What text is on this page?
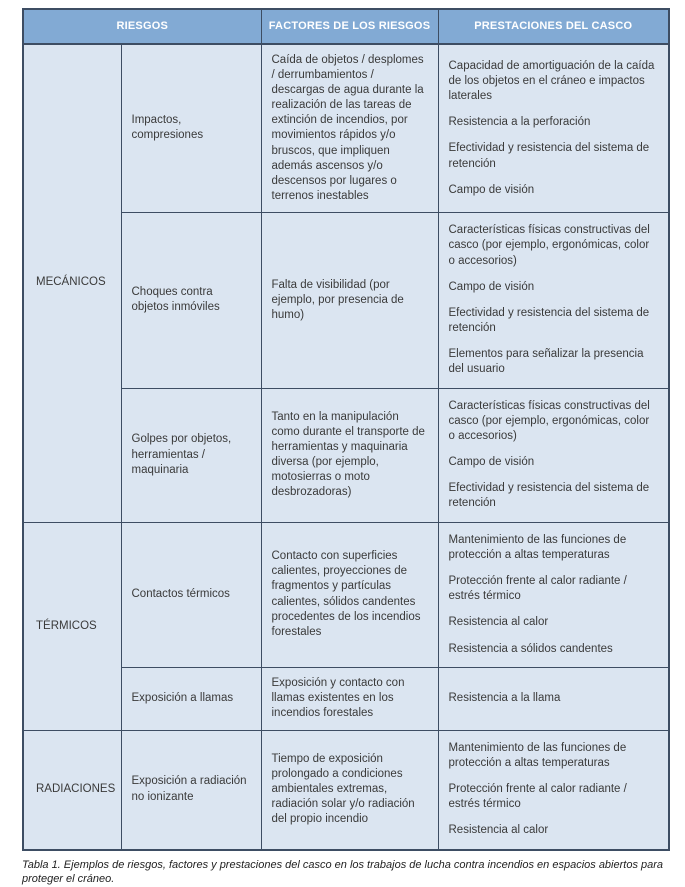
RIESGOS		FACTORES DE LOS RIESGOS	PRESTACIONES DEL CASCO
MECÁNICOS	Impactos, compresiones	Caída de objetos / desplomes / derrumbamientos / descargas de agua durante la realización de las tareas de extinción de incendios, por movimientos rápidos y/o bruscos, que impliquen además ascensos y/o descensos por lugares o terrenos inestables	

Capacidad de amortiguación de la caída de los objetos en el cráneo e impactos laterales

Resistencia a la perforación

Efectividad y resistencia del sistema de retención

Campo de visión

	Choques contra objetos inmóviles	Falta de visibilidad (por ejemplo, por presencia de humo)	Características físicas constructivas del casco (por ejemplo, ergonómicas, color o accesorios)

Campo de visión

Efectividad y resistencia del sistema de retención

Elementos para señalizar la presencia del usuario

	Golpes por objetos, herramientas / maquinaria	Tanto en la manipulación como durante el transporte de herramientas y maquinaria diversa (por ejemplo, motosierras o moto desbrozadoras)	Características físicas constructivas del casco (por ejemplo, ergonómicas, color o accesorios)

Campo de visión

Efectividad y resistencia del sistema de retención

TÉRMICOS	Contactos térmicos	Contacto con superficies calientes, proyecciones de fragmentos y partículas calientes, sólidos candentes procedentes de los incendios forestales	Mantenimiento de las funciones de protección a altas temperaturas

Protección frente al calor radiante / estrés térmico

Resistencia al calor

Resistencia a sólidos candentes

	Exposición a llamas	Exposición y contacto con llamas existentes en los incendios forestales	Resistencia a la llama

RADIACIONES	Exposición a radiación no ionizante	Tiempo de exposición prolongado a condiciones ambientales extremas, radiación solar y/o radiación del propio incendio	Mantenimiento de las funciones de protección a altas temperaturas

Protección frente al calor radiante / estrés térmico

Resistencia al calor

Tabla 1. Ejemplos de riesgos, factores y prestaciones del casco en los trabajos de lucha contra incendios en espacios abiertos para proteger el cráneo.
